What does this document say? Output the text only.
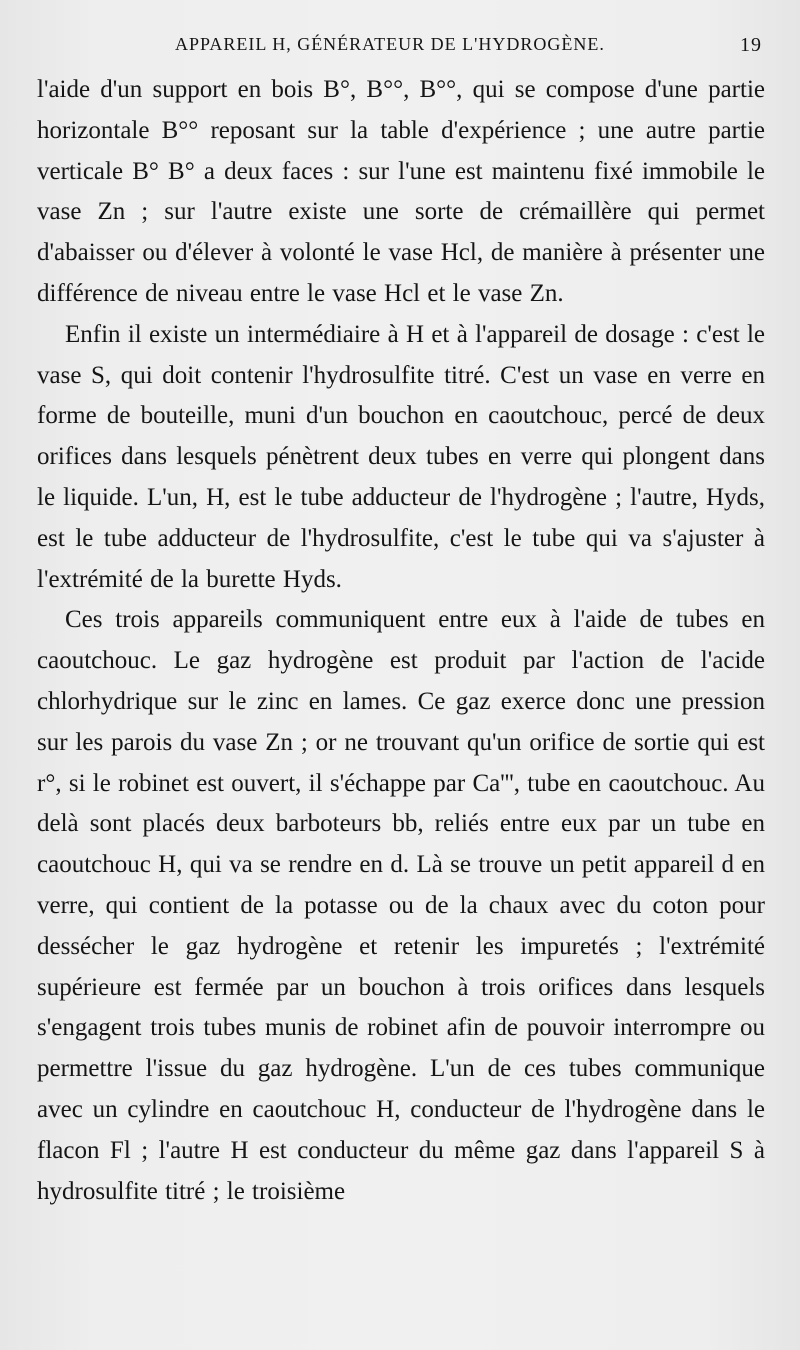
APPAREIL H, GÉNÉRATEUR DE L'HYDROGÈNE.	19

l'aide d'un support en bois B°, B°°, B°°, qui se compose d'une partie horizontale B°° reposant sur la table d'expérience ; une autre partie verticale B° B° a deux faces : sur l'une est maintenu fixé immobile le vase Zn ; sur l'autre existe une sorte de crémaillère qui permet d'abaisser ou d'élever à volonté le vase Hcl, de manière à présenter une différence de niveau entre le vase Hcl et le vase Zn.

Enfin il existe un intermédiaire à H et à l'appareil de dosage : c'est le vase S, qui doit contenir l'hydrosulfite titré. C'est un vase en verre en forme de bouteille, muni d'un bouchon en caoutchouc, percé de deux orifices dans lesquels pénètrent deux tubes en verre qui plongent dans le liquide. L'un, H, est le tube adducteur de l'hydrogène ; l'autre, Hyds, est le tube adducteur de l'hydrosulfite, c'est le tube qui va s'ajuster à l'extrémité de la burette Hyds.

Ces trois appareils communiquent entre eux à l'aide de tubes en caoutchouc. Le gaz hydrogène est produit par l'action de l'acide chlorhydrique sur le zinc en lames. Ce gaz exerce donc une pression sur les parois du vase Zn ; or ne trouvant qu'un orifice de sortie qui est r°, si le robinet est ouvert, il s'échappe par Ca''', tube en caoutchouc. Au delà sont placés deux barboteurs bb, reliés entre eux par un tube en caoutchouc H, qui va se rendre en d. Là se trouve un petit appareil d en verre, qui contient de la potasse ou de la chaux avec du coton pour dessécher le gaz hydrogène et retenir les impuretés ; l'extrémité supérieure est fermée par un bouchon à trois orifices dans lesquels s'engagent trois tubes munis de robinet afin de pouvoir interrompre ou permettre l'issue du gaz hydrogène. L'un de ces tubes communique avec un cylindre en caoutchouc H, conducteur de l'hydrogène dans le flacon Fl ; l'autre H est conducteur du même gaz dans l'appareil S à hydrosulfite titré ; le troisième
